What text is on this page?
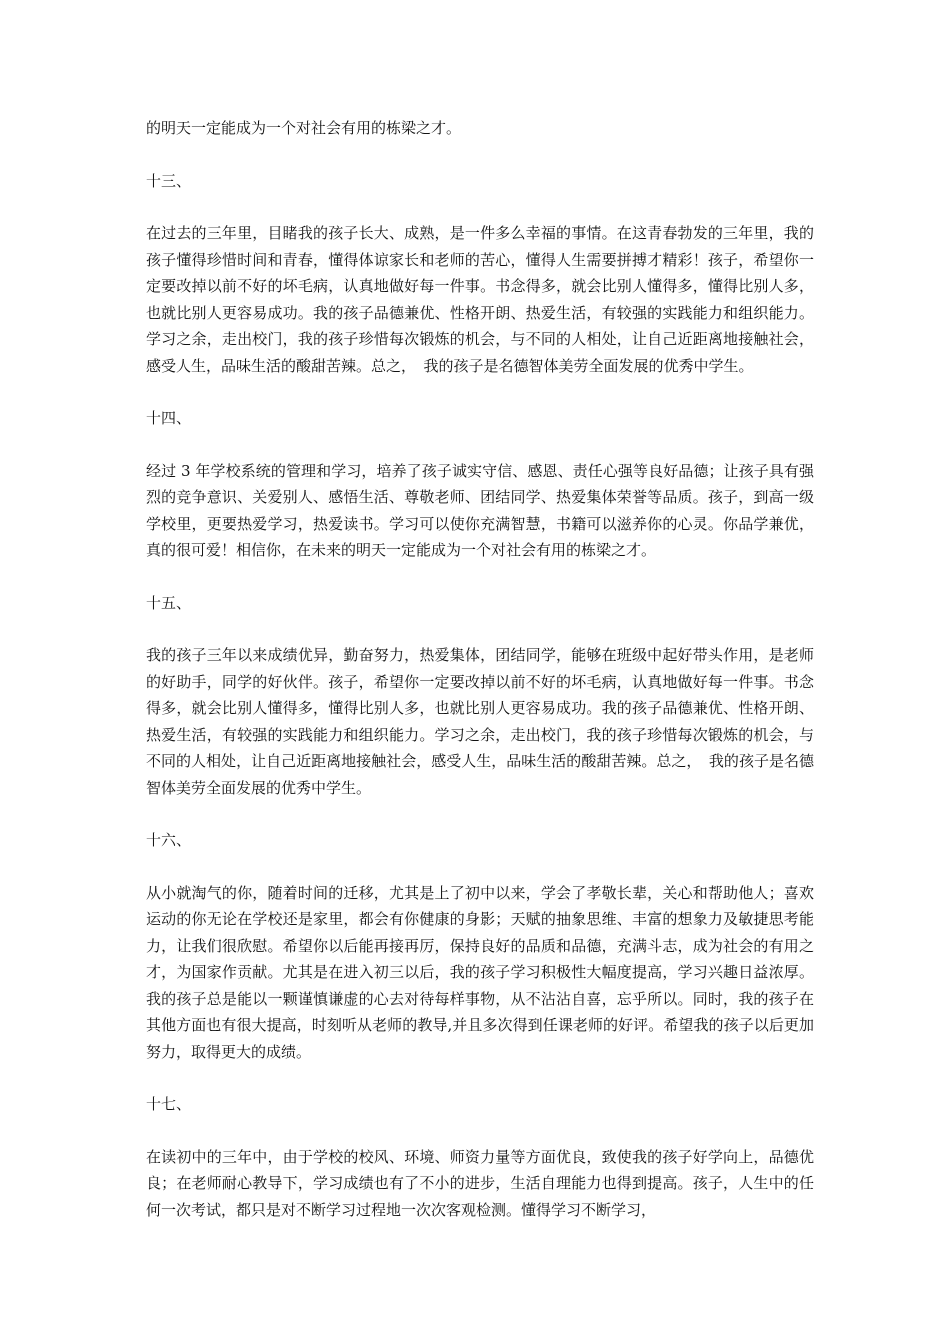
的明天一定能成为一个对社会有用的栋梁之才。

十三、

在过去的三年里，目睹我的孩子长大、成熟，是一件多么幸福的事情。在这青春勃发的三年里，我的孩子懂得珍惜时间和青春，懂得体谅家长和老师的苦心，懂得人生需要拼搏才精彩！孩子，希望你一定要改掉以前不好的坏毛病，认真地做好每一件事。书念得多，就会比别人懂得多，懂得比别人多，也就比别人更容易成功。我的孩子品德兼优、性格开朗、热爱生活，有较强的实践能力和组织能力。学习之余，走出校门，我的孩子珍惜每次锻炼的机会，与不同的人相处，让自己近距离地接触社会，感受人生，品味生活的酸甜苦辣。总之，　我的孩子是名德智体美劳全面发展的优秀中学生。

十四、

经过 3 年学校系统的管理和学习，培养了孩子诚实守信、感恩、责任心强等良好品德；让孩子具有强烈的竞争意识、关爱别人、感悟生活、尊敬老师、团结同学、热爱集体荣誉等品质。孩子，到高一级学校里，更要热爱学习，热爱读书。学习可以使你充满智慧，书籍可以滋养你的心灵。你品学兼优，真的很可爱！相信你，在未来的明天一定能成为一个对社会有用的栋梁之才。

十五、

我的孩子三年以来成绩优异，勤奋努力，热爱集体，团结同学，能够在班级中起好带头作用，是老师的好助手，同学的好伙伴。孩子，希望你一定要改掉以前不好的坏毛病，认真地做好每一件事。书念得多，就会比别人懂得多，懂得比别人多，也就比别人更容易成功。我的孩子品德兼优、性格开朗、热爱生活，有较强的实践能力和组织能力。学习之余，走出校门，我的孩子珍惜每次锻炼的机会，与不同的人相处，让自己近距离地接触社会，感受人生，品味生活的酸甜苦辣。总之，　我的孩子是名德智体美劳全面发展的优秀中学生。

十六、

从小就淘气的你，随着时间的迁移，尤其是上了初中以来，学会了孝敬长辈，关心和帮助他人；喜欢运动的你无论在学校还是家里，都会有你健康的身影；天赋的抽象思维、丰富的想象力及敏捷思考能力，让我们很欣慰。希望你以后能再接再厉，保持良好的品质和品德，充满斗志，成为社会的有用之才，为国家作贡献。尤其是在进入初三以后，我的孩子学习积极性大幅度提高，学习兴趣日益浓厚。我的孩子总是能以一颗谨慎谦虚的心去对待每样事物，从不沾沾自喜，忘乎所以。同时，我的孩子在其他方面也有很大提高，时刻听从老师的教导,并且多次得到任课老师的好评。希望我的孩子以后更加努力，取得更大的成绩。

十七、

在读初中的三年中，由于学校的校风、环境、师资力量等方面优良，致使我的孩子好学向上，品德优良；在老师耐心教导下，学习成绩也有了不小的进步，生活自理能力也得到提高。孩子，人生中的任何一次考试，都只是对不断学习过程地一次次客观检测。懂得学习不断学习，
